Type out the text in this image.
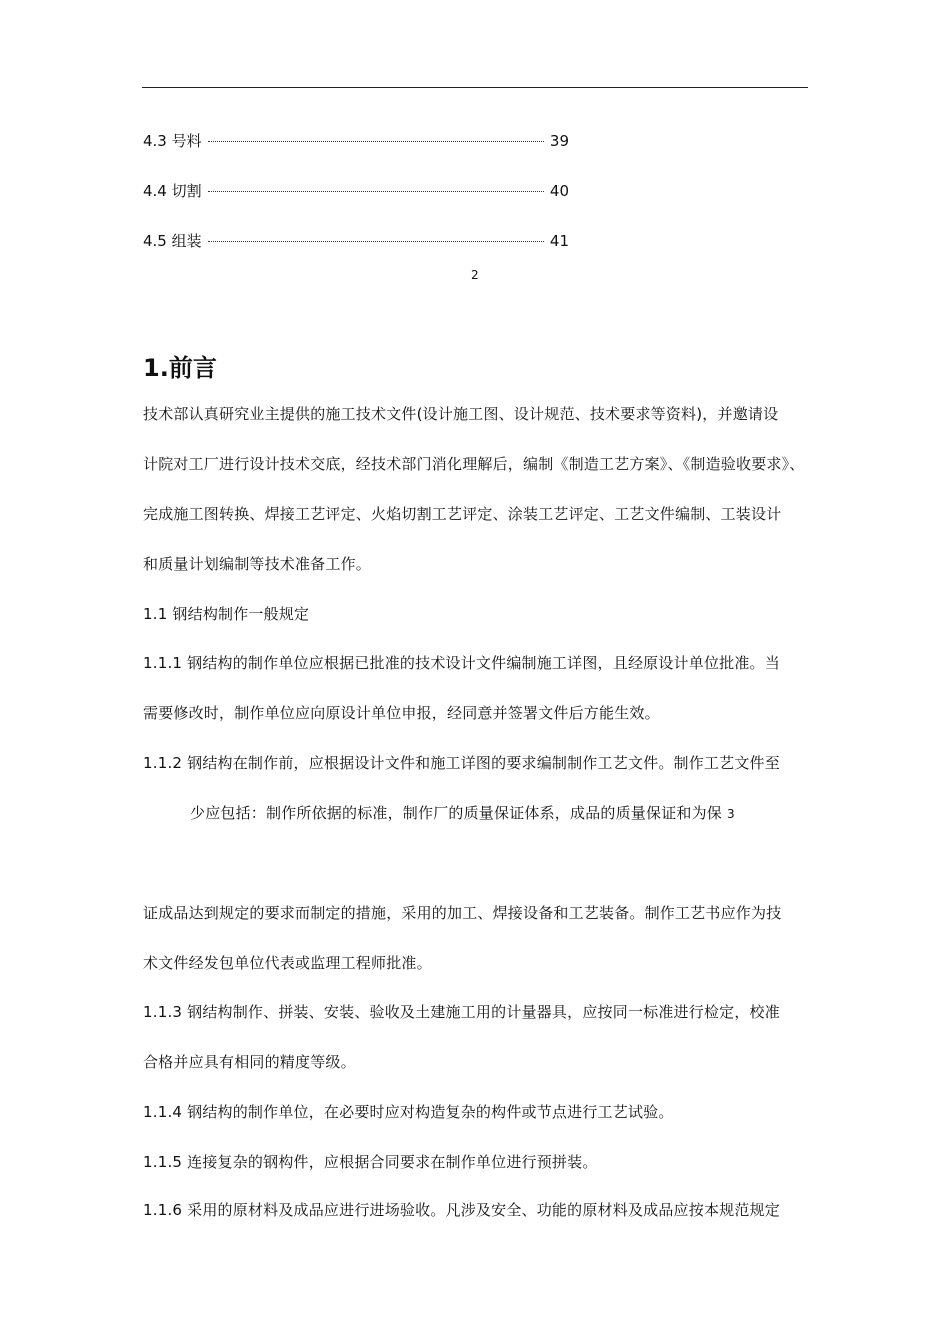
4.3 号料	39
4.4 切割	40
4.5 组装	41
2
1.前言
技术部认真研究业主提供的施工技术文件(设计施工图、设计规范、技术要求等资料)，并邀请设
计院对工厂进行设计技术交底，经技术部门消化理解后，编制《制造工艺方案》、《制造验收要求》、
完成施工图转换、焊接工艺评定、火焰切割工艺评定、涂装工艺评定、工艺文件编制、工装设计
和质量计划编制等技术准备工作。
1.1 钢结构制作一般规定
1.1.1 钢结构的制作单位应根据已批准的技术设计文件编制施工详图，且经原设计单位批准。当
需要修改时，制作单位应向原设计单位申报，经同意并签署文件后方能生效。
1.1.2 钢结构在制作前，应根据设计文件和施工详图的要求编制制作工艺文件。制作工艺文件至
少应包括：制作所依据的标准，制作厂的质量保证体系，成品的质量保证和为保 3
证成品达到规定的要求而制定的措施，采用的加工、焊接设备和工艺装备。制作工艺书应作为技
术文件经发包单位代表或监理工程师批准。
1.1.3 钢结构制作、拼装、安装、验收及土建施工用的计量器具，应按同一标准进行检定，校准
合格并应具有相同的精度等级。
1.1.4 钢结构的制作单位，在必要时应对构造复杂的构件或节点进行工艺试验。
1.1.5 连接复杂的钢构件，应根据合同要求在制作单位进行预拼装。
1.1.6 采用的原材料及成品应进行进场验收。凡涉及安全、功能的原材料及成品应按本规范规定
